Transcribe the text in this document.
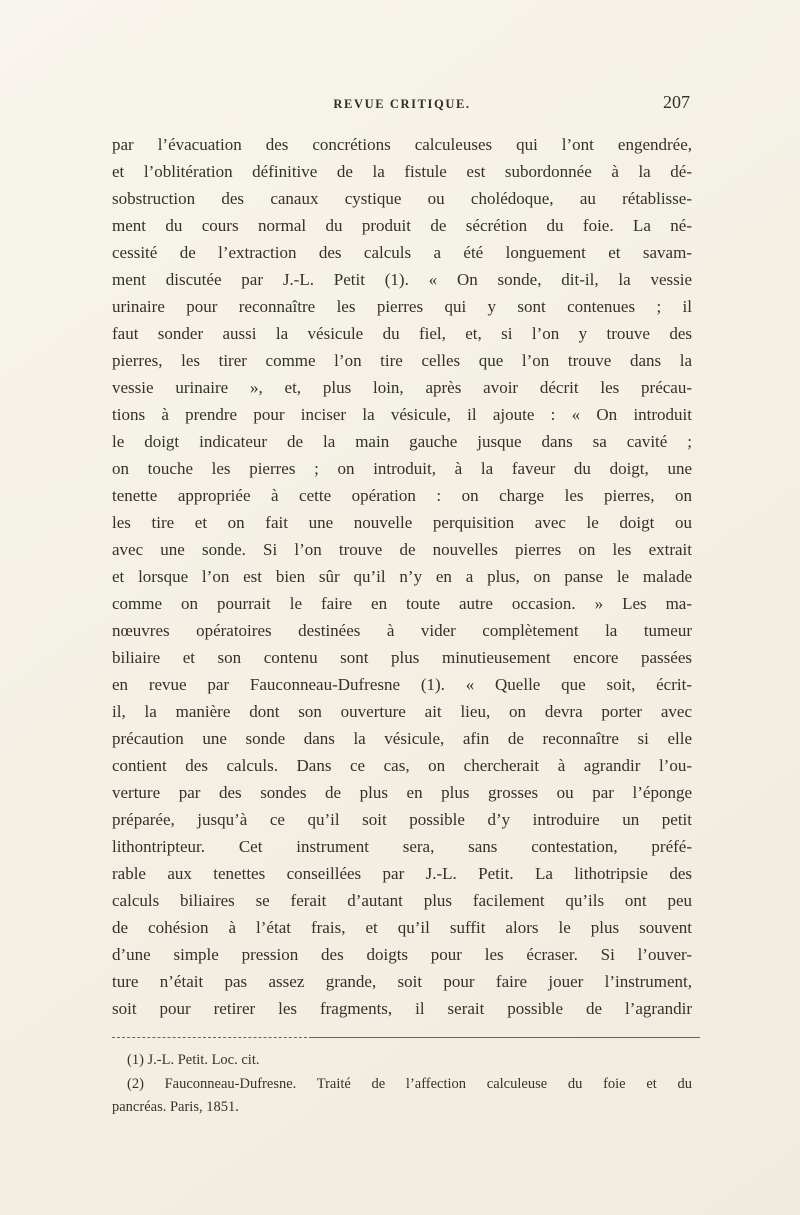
REVUE CRITIQUE.	207
par l’évacuation des concrétions calculeuses qui l’ont engendrée,
et l’oblitération définitive de la fistule est subordonnée à la dé-
sobstruction des canaux cystique ou cholédoque, au rétablisse-
ment du cours normal du produit de sécrétion du foie. La né-
cessité de l’extraction des calculs a été longuement et savam-
ment discutée par J.-L. Petit (1). « On sonde, dit-il, la vessie
urinaire pour reconnaître les pierres qui y sont contenues ; il
faut sonder aussi la vésicule du fiel, et, si l’on y trouve des
pierres, les tirer comme l’on tire celles que l’on trouve dans la
vessie urinaire », et, plus loin, après avoir décrit les précau-
tions à prendre pour inciser la vésicule, il ajoute : « On introduit
le doigt indicateur de la main gauche jusque dans sa cavité ;
on touche les pierres ; on introduit, à la faveur du doigt, une
tenette appropriée à cette opération : on charge les pierres, on
les tire et on fait une nouvelle perquisition avec le doigt ou
avec une sonde. Si l’on trouve de nouvelles pierres on les extrait
et lorsque l’on est bien sûr qu’il n’y en a plus, on panse le malade
comme on pourrait le faire en toute autre occasion. » Les ma-
nœuvres opératoires destinées à vider complètement la tumeur
biliaire et son contenu sont plus minutieusement encore passées
en revue par Fauconneau-Dufresne (1). « Quelle que soit, écrit-
il, la manière dont son ouverture ait lieu, on devra porter avec
précaution une sonde dans la vésicule, afin de reconnaître si elle
contient des calculs. Dans ce cas, on chercherait à agrandir l’ou-
verture par des sondes de plus en plus grosses ou par l’éponge
préparée, jusqu’à ce qu’il soit possible d’y introduire un petit
lithontripteur. Cet instrument sera, sans contestation, préfé-
rable aux tenettes conseillées par J.-L. Petit. La lithotripsie des
calculs biliaires se ferait d’autant plus facilement qu’ils ont peu
de cohésion à l’état frais, et qu’il suffit alors le plus souvent
d’une simple pression des doigts pour les écraser. Si l’ouver-
ture n’était pas assez grande, soit pour faire jouer l’instrument,
soit pour retirer les fragments, il serait possible de l’agrandir
(1) J.-L. Petit. Loc. cit.
(2) Fauconneau-Dufresne. Traité de l’affection calculeuse du foie et du
pancréas. Paris, 1851.
